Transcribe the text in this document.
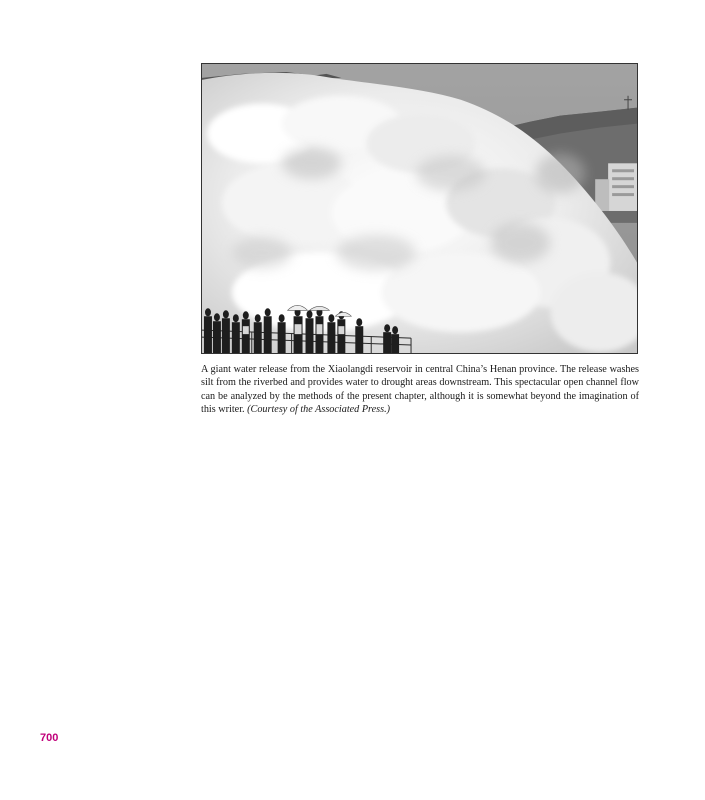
A giant water release from the Xiaolangdi reservoir in central China’s Henan province. The release washes silt from the riverbed and provides water to drought areas downstream. This spectacular open channel flow can be analyzed by the methods of the present chapter, although it is somewhat beyond the imagination of this writer. (Courtesy of the Associated Press.)

700
